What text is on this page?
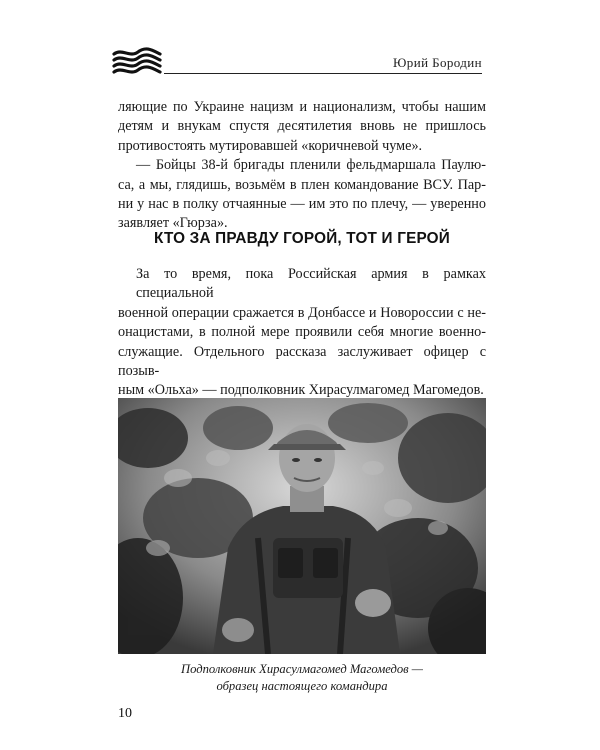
Юрий Бородин

ляющие по Украине нацизм и национализм, чтобы нашим
детям и внукам спустя десятилетия вновь не пришлось
противостоять мутировавшей «коричневой чуме».

— Бойцы 38-й бригады пленили фельдмаршала Паулю-
са, а мы, глядишь, возьмём в плен командование ВСУ. Пар-
ни у нас в полку отчаянные — им это по плечу, — уверенно
заявляет «Гюрза».

КТО ЗА ПРАВДУ ГОРОЙ, ТОТ И ГЕРОЙ

За то время, пока Российская армия в рамках специальной
военной операции сражается в Донбассе и Новороссии с не-
онацистами, в полной мере проявили себя многие военно-
служащие. Отдельного рассказа заслуживает офицер с позыв-
ным «Ольха» — подполковник Хирасулмагомед Магомедов.

Подполковник Хирасулмагомед Магомедов —
образец настоящего командира
10
